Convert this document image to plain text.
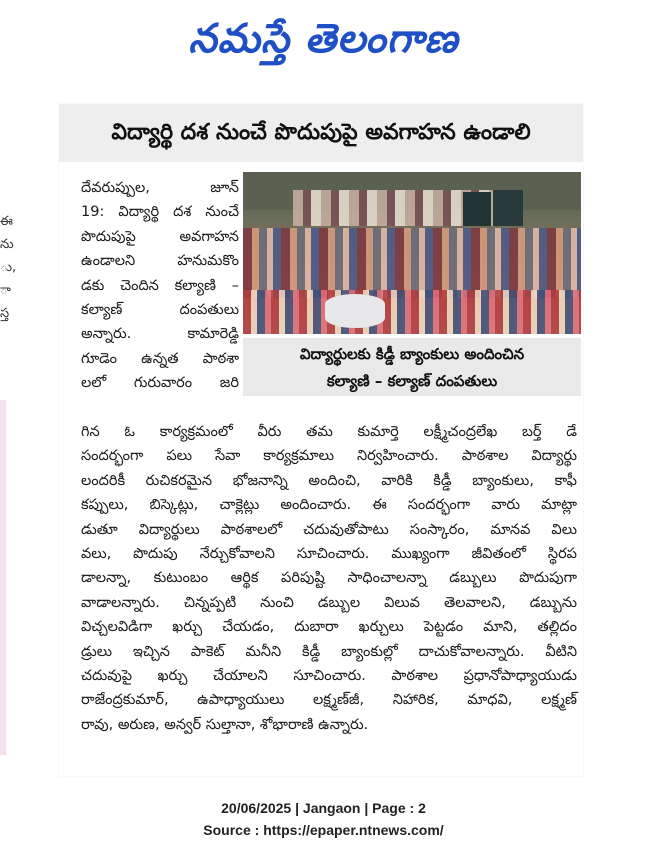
నమస్తే తెలంగాణ
ఈ
ను
ు,
ా
స్త
విద్యార్థి దశ నుంచే పొదుపుపై అవగాహన ఉండాలి
విద్యార్థులకు కిడ్డీ బ్యాంకులు అందించిన
కల్యాణి – కల్యాణ్ దంపతులు
దేవరుప్పుల, జూన్
19: విద్యార్థి దశ నుంచే
పొదుపుపై అవగాహన
ఉండాలని హనుమకొం
డకు చెందిన కల్యాణి –
కల్యాణ్ దంపతులు
అన్నారు. కామారెడ్డి
గూడెం ఉన్నత పాఠశా
లలో గురువారం జరి
గిన ఓ కార్యక్రమంలో వీరు తమ కుమార్తె లక్ష్మీచంద్రలేఖ బర్త్ డే
సందర్భంగా పలు సేవా కార్యక్రమాలు నిర్వహించారు. పాఠశాల విద్యార్థు
లందరికీ రుచికరమైన భోజనాన్ని అందించి, వారికి కిడ్డీ బ్యాంకులు, కాఫీ
కప్పులు, బిస్కెట్లు, చాక్లెట్లు అందించారు. ఈ సందర్భంగా వారు మాట్లా
డుతూ విద్యార్థులు పాఠశాలలో చదువుతోపాటు సంస్కారం, మానవ విలు
వలు, పొదుపు నేర్చుకోవాలని సూచించారు. ముఖ్యంగా జీవితంలో స్థిరప
డాలన్నా, కుటుంబం ఆర్థిక పరిపుష్టి సాధించాలన్నా డబ్బులు పొదుపుగా
వాడాలన్నారు. చిన్నప్పటి నుంచి డబ్బుల విలువ తెలవాలని, డబ్బును
విచ్చలవిడిగా ఖర్చు చేయడం, దుబారా ఖర్చులు పెట్టడం మాని, తల్లిదం
డ్రులు ఇచ్చిన పాకెట్ మనీని కిడ్డీ బ్యాంకుల్లో దాచుకోవాలన్నారు. వీటిని
చదువుపై ఖర్చు చేయాలని సూచించారు. పాఠశాల ప్రధానోపాధ్యాయుడు
రాజేంద్రకుమార్, ఉపాధ్యాయులు లక్ష్మణ్‌జీ, నిహారిక, మాధవి, లక్ష్మణ్
రావు, అరుణ, అన్వర్ సుల్తానా, శోభారాణి ఉన్నారు.
20/06/2025 | Jangaon | Page : 2
Source : https://epaper.ntnews.com/
